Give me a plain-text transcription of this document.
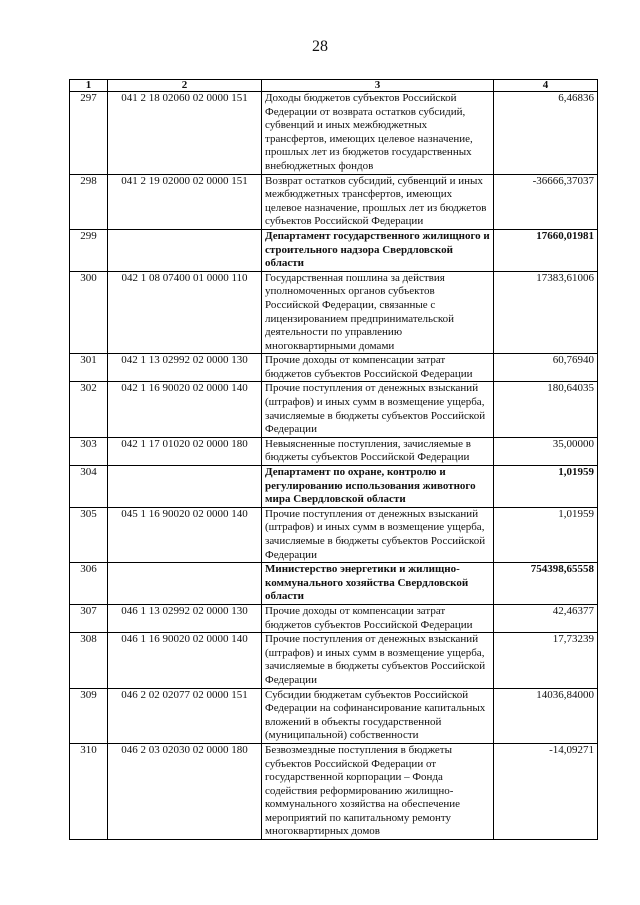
28
1	2	3	4
297	041 2 18 02060 02 0000 151	Доходы бюджетов субъектов Российской Федерации от возврата остатков субсидий, субвенций и иных межбюджетных трансфертов, имеющих целевое назначение, прошлых лет из бюджетов государственных внебюджетных фондов	6,46836
298	041 2 19 02000 02 0000 151	Возврат остатков субсидий, субвенций и иных межбюджетных трансфертов, имеющих целевое назначение, прошлых лет из бюджетов субъектов Российской Федерации	-36666,37037
299		Департамент государственного жилищного и строительного надзора Свердловской области	17660,01981
300	042 1 08 07400 01 0000 110	Государственная пошлина за действия уполномоченных органов субъектов Российской Федерации, связанные с лицензированием предпринимательской деятельности по управлению многоквартирными домами	17383,61006
301	042 1 13 02992 02 0000 130	Прочие доходы от компенсации затрат бюджетов субъектов Российской Федерации	60,76940
302	042 1 16 90020 02 0000 140	Прочие поступления от денежных взысканий (штрафов) и иных сумм в возмещение ущерба, зачисляемые в бюджеты субъектов Российской Федерации	180,64035
303	042 1 17 01020 02 0000 180	Невыясненные поступления, зачисляемые в бюджеты субъектов Российской Федерации	35,00000
304		Департамент по охране, контролю и регулированию использования животного мира Свердловской области	1,01959
305	045 1 16 90020 02 0000 140	Прочие поступления от денежных взысканий (штрафов) и иных сумм в возмещение ущерба, зачисляемые в бюджеты субъектов Российской Федерации	1,01959
306		Министерство энергетики и жилищно-коммунального хозяйства Свердловской области	754398,65558
307	046 1 13 02992 02 0000 130	Прочие доходы от компенсации затрат бюджетов субъектов Российской Федерации	42,46377
308	046 1 16 90020 02 0000 140	Прочие поступления от денежных взысканий (штрафов) и иных сумм в возмещение ущерба, зачисляемые в бюджеты субъектов Российской Федерации	17,73239
309	046 2 02 02077 02 0000 151	Субсидии бюджетам субъектов Российской Федерации на софинансирование капитальных вложений в объекты государственной (муниципальной) собственности	14036,84000
310	046 2 03 02030 02 0000 180	Безвозмездные поступления в бюджеты субъектов Российской Федерации от государственной корпорации – Фонда содействия реформированию жилищно-коммунального хозяйства на обеспечение мероприятий по капитальному ремонту многоквартирных домов	-14,09271
